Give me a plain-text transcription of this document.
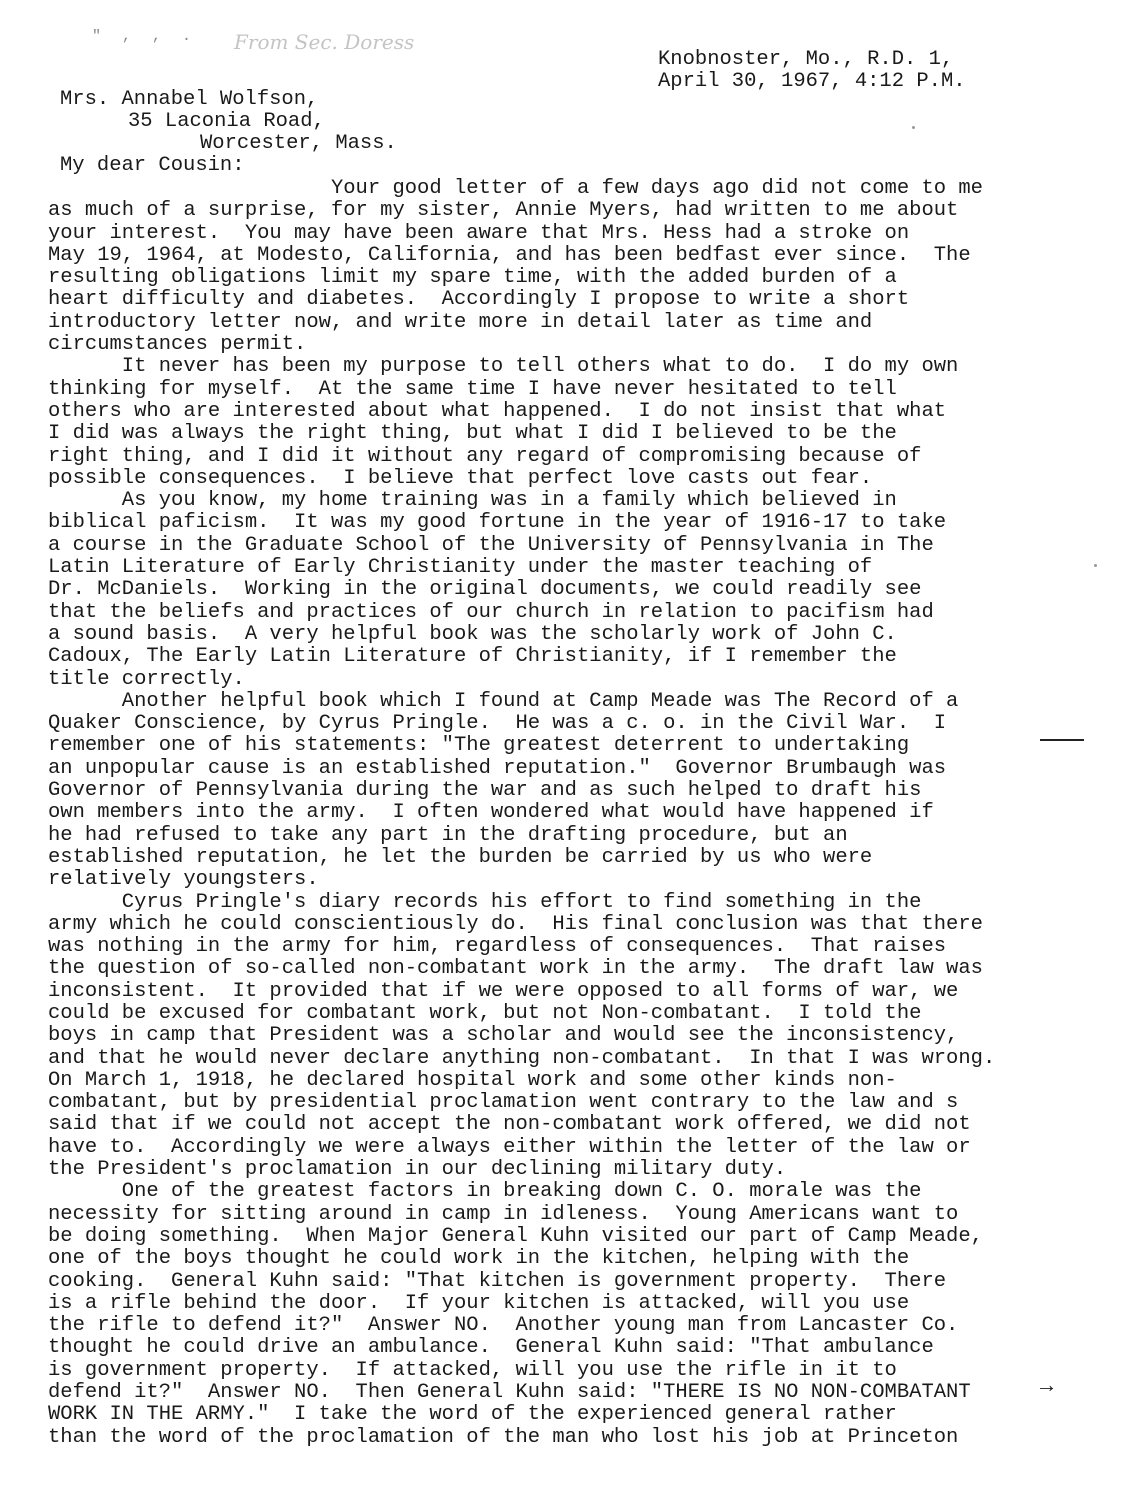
" , , . From Sec. Doress
Knobnoster, Mo., R.D. 1,
April 30, 1967, 4:12 P.M.
Mrs. Annabel Wolfson,
35 Laconia Road,
Worcester, Mass.
My dear Cousin:
Your good letter of a few days ago did not come to me
as much of a surprise, for my sister, Annie Myers, had written to me about
your interest.  You may have been aware that Mrs. Hess had a stroke on
May 19, 1964, at Modesto, California, and has been bedfast ever since.  The
resulting obligations limit my spare time, with the added burden of a
heart difficulty and diabetes.  Accordingly I propose to write a short
introductory letter now, and write more in detail later as time and
circumstances permit.
It never has been my purpose to tell others what to do.  I do my own
thinking for myself.  At the same time I have never hesitated to tell
others who are interested about what happened.  I do not insist that what
I did was always the right thing, but what I did I believed to be the
right thing, and I did it without any regard of compromising because of
possible consequences.  I believe that perfect love casts out fear.
As you know, my home training was in a family which believed in
biblical paficism.  It was my good fortune in the year of 1916-17 to take
a course in the Graduate School of the University of Pennsylvania in The
Latin Literature of Early Christianity under the master teaching of
Dr. McDaniels.  Working in the original documents, we could readily see
that the beliefs and practices of our church in relation to pacifism had
a sound basis.  A very helpful book was the scholarly work of John C.
Cadoux, The Early Latin Literature of Christianity, if I remember the
title correctly.
Another helpful book which I found at Camp Meade was The Record of a
Quaker Conscience, by Cyrus Pringle.  He was a c. o. in the Civil War.  I
remember one of his statements: "The greatest deterrent to undertaking
an unpopular cause is an established reputation."  Governor Brumbaugh was
Governor of Pennsylvania during the war and as such helped to draft his
own members into the army.  I often wondered what would have happened if
he had refused to take any part in the drafting procedure, but an
established reputation, he let the burden be carried by us who were
relatively youngsters.
Cyrus Pringle's diary records his effort to find something in the
army which he could conscientiously do.  His final conclusion was that there
was nothing in the army for him, regardless of consequences.  That raises
the question of so-called non-combatant work in the army.  The draft law was
inconsistent.  It provided that if we were opposed to all forms of war, we
could be excused for combatant work, but not Non-combatant.  I told the
boys in camp that President was a scholar and would see the inconsistency,
and that he would never declare anything non-combatant.  In that I was wrong.
On March 1, 1918, he declared hospital work and some other kinds non-
combatant, but by presidential proclamation went contrary to the law and s
said that if we could not accept the non-combatant work offered, we did not
have to.  Accordingly we were always either within the letter of the law or
the President's proclamation in our declining military duty.
One of the greatest factors in breaking down C. O. morale was the
necessity for sitting around in camp in idleness.  Young Americans want to
be doing something.  When Major General Kuhn visited our part of Camp Meade,
one of the boys thought he could work in the kitchen, helping with the
cooking.  General Kuhn said: "That kitchen is government property.  There
is a rifle behind the door.  If your kitchen is attacked, will you use
the rifle to defend it?"  Answer NO.  Another young man from Lancaster Co.
thought he could drive an ambulance.  General Kuhn said: "That ambulance
is government property.  If attacked, will you use the rifle in it to
defend it?"  Answer NO.  Then General Kuhn said: "THERE IS NO NON-COMBATANT
WORK IN THE ARMY."  I take the word of the experienced general rather
than the word of the proclamation of the man who lost his job at Princeton
→
